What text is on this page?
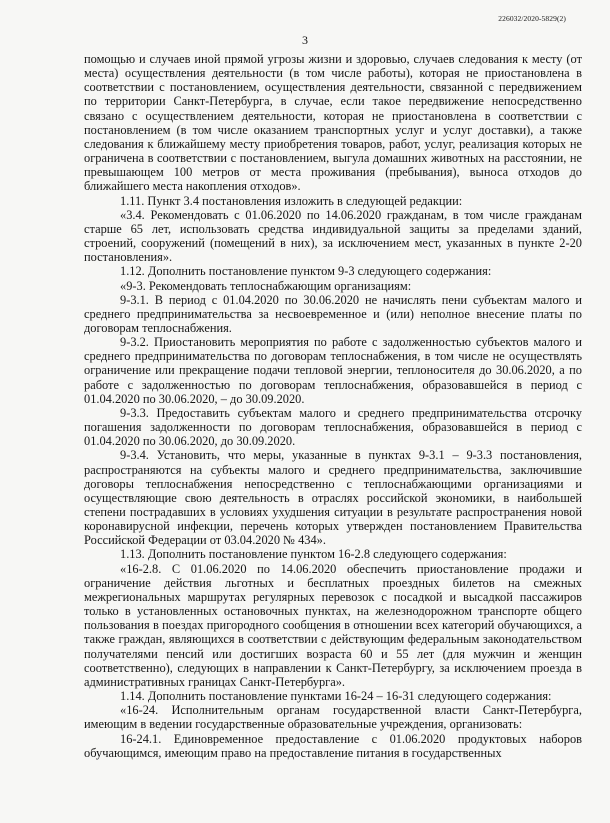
226032/2020-5829(2)
3

помощью и случаев иной прямой угрозы жизни и здоровью, случаев следования к месту (от места) осуществления деятельности (в том числе работы), которая не приостановлена в соответствии с постановлением, осуществления деятельности, связанной с передвижением по территории Санкт-Петербурга, в случае, если такое передвижение непосредственно связано с осуществлением деятельности, которая не приостановлена в соответствии с постановлением (в том числе оказанием транспортных услуг и услуг доставки), а также следования к ближайшему месту приобретения товаров, работ, услуг, реализация которых не ограничена в соответствии с постановлением, выгула домашних животных на расстоянии, не превышающем 100 метров от места проживания (пребывания), выноса отходов до ближайшего места накопления отходов».

1.11. Пункт 3.4 постановления изложить в следующей редакции:

«3.4. Рекомендовать с 01.06.2020 по 14.06.2020 гражданам, в том числе гражданам старше 65 лет, использовать средства индивидуальной защиты за пределами зданий, строений, сооружений (помещений в них), за исключением мест, указанных в пункте 2-20 постановления».

1.12. Дополнить постановление пунктом 9-3 следующего содержания:

«9-3. Рекомендовать теплоснабжающим организациям:

9-3.1. В период с 01.04.2020 по 30.06.2020 не начислять пени субъектам малого и среднего предпринимательства за несвоевременное и (или) неполное внесение платы по договорам теплоснабжения.

9-3.2. Приостановить мероприятия по работе с задолженностью субъектов малого и среднего предпринимательства по договорам теплоснабжения, в том числе не осуществлять ограничение или прекращение подачи тепловой энергии, теплоносителя до 30.06.2020, а по работе с задолженностью по договорам теплоснабжения, образовавшейся в период с 01.04.2020 по 30.06.2020, – до 30.09.2020.

9-3.3. Предоставить субъектам малого и среднего предпринимательства отсрочку погашения задолженности по договорам теплоснабжения, образовавшейся в период с 01.04.2020 по 30.06.2020, до 30.09.2020.

9-3.4. Установить, что меры, указанные в пунктах 9-3.1 – 9-3.3 постановления, распространяются на субъекты малого и среднего предпринимательства, заключившие договоры теплоснабжения непосредственно с теплоснабжающими организациями и осуществляющие свою деятельность в отраслях российской экономики, в наибольшей степени пострадавших в условиях ухудшения ситуации в результате распространения новой коронавирусной инфекции, перечень которых утвержден постановлением Правительства Российской Федерации от 03.04.2020 № 434».

1.13. Дополнить постановление пунктом 16-2.8 следующего содержания:

«16-2.8. С 01.06.2020 по 14.06.2020 обеспечить приостановление продажи и ограничение действия льготных и бесплатных проездных билетов на смежных межрегиональных маршрутах регулярных перевозок с посадкой и высадкой пассажиров только в установленных остановочных пунктах, на железнодорожном транспорте общего пользования в поездах пригородного сообщения в отношении всех категорий обучающихся, а также граждан, являющихся в соответствии с действующим федеральным законодательством получателями пенсий или достигших возраста 60 и 55 лет (для мужчин и женщин соответственно), следующих в направлении к Санкт-Петербургу, за исключением проезда в административных границах Санкт-Петербурга».

1.14. Дополнить постановление пунктами 16-24 – 16-31 следующего содержания:

«16-24. Исполнительным органам государственной власти Санкт-Петербурга, имеющим в ведении государственные образовательные учреждения, организовать:

16-24.1. Единовременное предоставление с 01.06.2020 продуктовых наборов обучающимся, имеющим право на предоставление питания в государственных
